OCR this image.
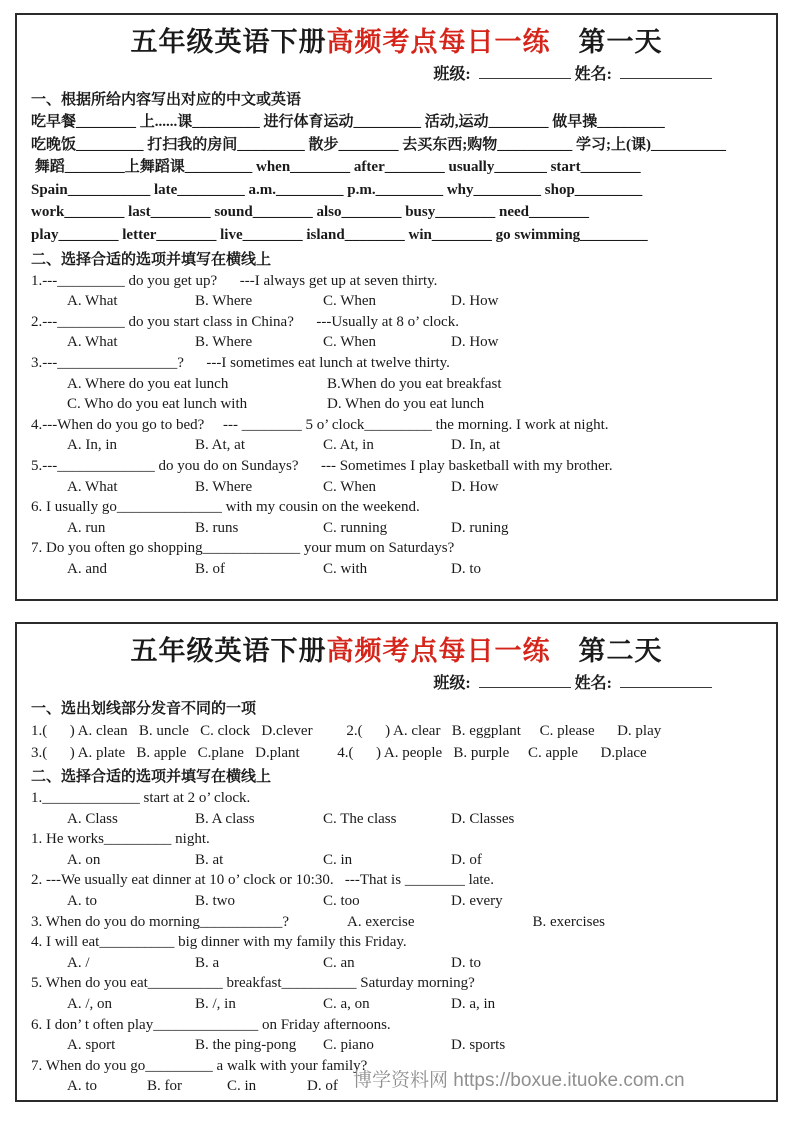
五年级英语下册高频考点每日一练 第一天
班级:	姓名:
一、根据所给内容写出对应的中文或英语
吃早餐________ 上......课_________ 进行体育运动_________ 活动,运动________ 做早操_________
吃晚饭_________ 打扫我的房间_________ 散步________ 去买东西;购物__________ 学习;上(课)__________
舞蹈________上舞蹈课_________ when________ after________ usually_______ start________
Spain___________ late_________ a.m._________ p.m._________ why_________ shop_________
work________ last________ sound________ also________ busy________ need________
play________ letter________ live________ island________ win________ go swimming_________
二、选择合适的选项并填写在横线上
1.---_________ do you get up?      ---I always get up at seven thirty.
A. What	B. Where	C. When	D. How
2.---_________ do you start class in China?      ---Usually at 8 o’ clock.
A. What	B. Where	C. When	D. How
3.---________________?      ---I sometimes eat lunch at twelve thirty.
A. Where do you eat lunch	B.When do you eat breakfast
C. Who do you eat lunch with	D. When do you eat lunch
4.---When do you go to bed?     --- ________ 5 o’ clock_________ the morning. I work at night.
A. In, in	B. At, at	C. At, in	D. In, at
5.---_____________ do you do on Sundays?      --- Sometimes I play basketball with my brother.
A. What	B. Where	C. When	D. How
6. I usually go______________ with my cousin on the weekend.
A. run	B. runs	C. running	D. runing
7. Do you often go shopping_____________ your mum on Saturdays?
A. and	B. of	C. with	D. to
五年级英语下册高频考点每日一练 第二天
班级:	姓名:
一、选出划线部分发音不同的一项
1.(      ) A. clean   B. uncle   C. clock   D.clever         2.(      ) A. clear   B. eggplant     C. please      D. play
3.(      ) A. plate   B. apple   C.plane   D.plant          4.(      ) A. people   B. purple     C. apple      D.place
二、选择合适的选项并填写在横线上
1._____________ start at 2 o’ clock.
A. Class	B. A class	C. The class	D. Classes
1. He works_________ night.
A. on	B. at	C. in	D. of
2. ---We usually eat dinner at 10 o’ clock or 10:30.   ---That is ________ late.
A. to	B. two	C. too	D. every
3. When do you do morning___________?	A. exercise	B. exercises
4. I will eat__________ big dinner with my family this Friday.
A. /	B. a	C. an	D. to
5. When do you eat__________ breakfast__________ Saturday morning?
A. /, on	B. /, in	C. a, on	D. a, in
6. I don’ t often play______________ on Friday afternoons.
A. sport	B. the ping-pong C. piano	D. sports
7. When do you go_________ a walk with your family?
A. to	B. for	C. in	D. of 博学资料网 https://boxue.ituoke.com.cn
